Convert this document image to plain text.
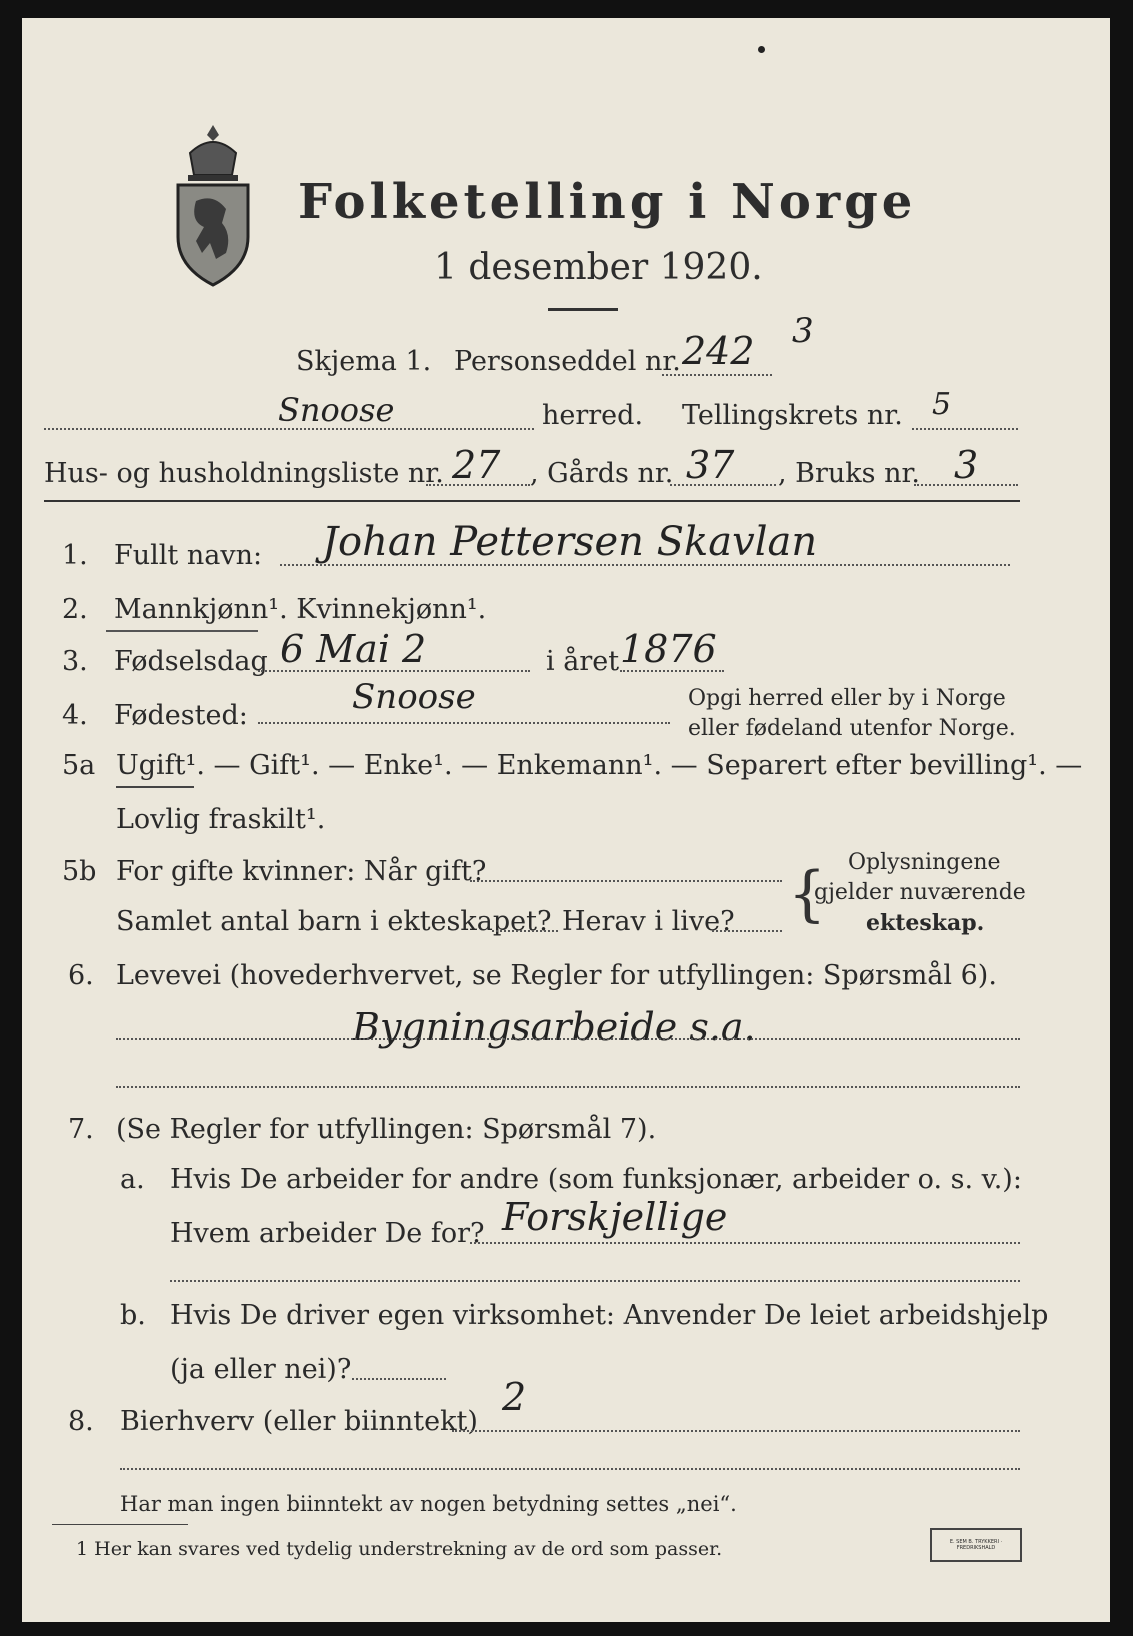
Folketelling i Norge
1 desember 1920.
Skjema 1. Personseddel nr. 242 3
Snoose	herred. Tellingskrets nr. 5
Hus- og husholdningsliste nr. 27 , Gårds nr. 37 , Bruks nr. 3
1. Fullt navn: Johan Pettersen Skavlan
2. Mannkjønn¹. Kvinnekjønn¹.
3. Fødselsdag 6 Mai 2	i året 1876
4. Fødested:	Snoose	Opgi herred eller by i Norge
eller fødeland utenfor Norge.
5a Ugift¹. — Gift¹. — Enke¹. — Enkemann¹. — Separert efter bevilling¹. —
Lovlig fraskilt¹.
5b For gifte kvinner: Når gift?
Samlet antal barn i ekteskapet? Herav i live? { Oplysningene
gjelder nuværende
ekteskap.
6. Levevei (hovederhvervet, se Regler for utfyllingen: Spørsmål 6).
Bygningsarbeide s.a.
7. (Se Regler for utfyllingen: Spørsmål 7).
a. Hvis De arbeider for andre (som funksjonær, arbeider o. s. v.):
Hvem arbeider De for? Forskjellige
b. Hvis De driver egen virksomhet: Anvender De leiet arbeidshjelp
(ja eller nei)?
8. Bierhverv (eller biinntekt)
2
Har man ingen biinntekt av nogen betydning settes „nei“.
1 Her kan svares ved tydelig understrekning av de ord som passer.	E. SEM B. TRYKKERI · FREDRIKSHALD
